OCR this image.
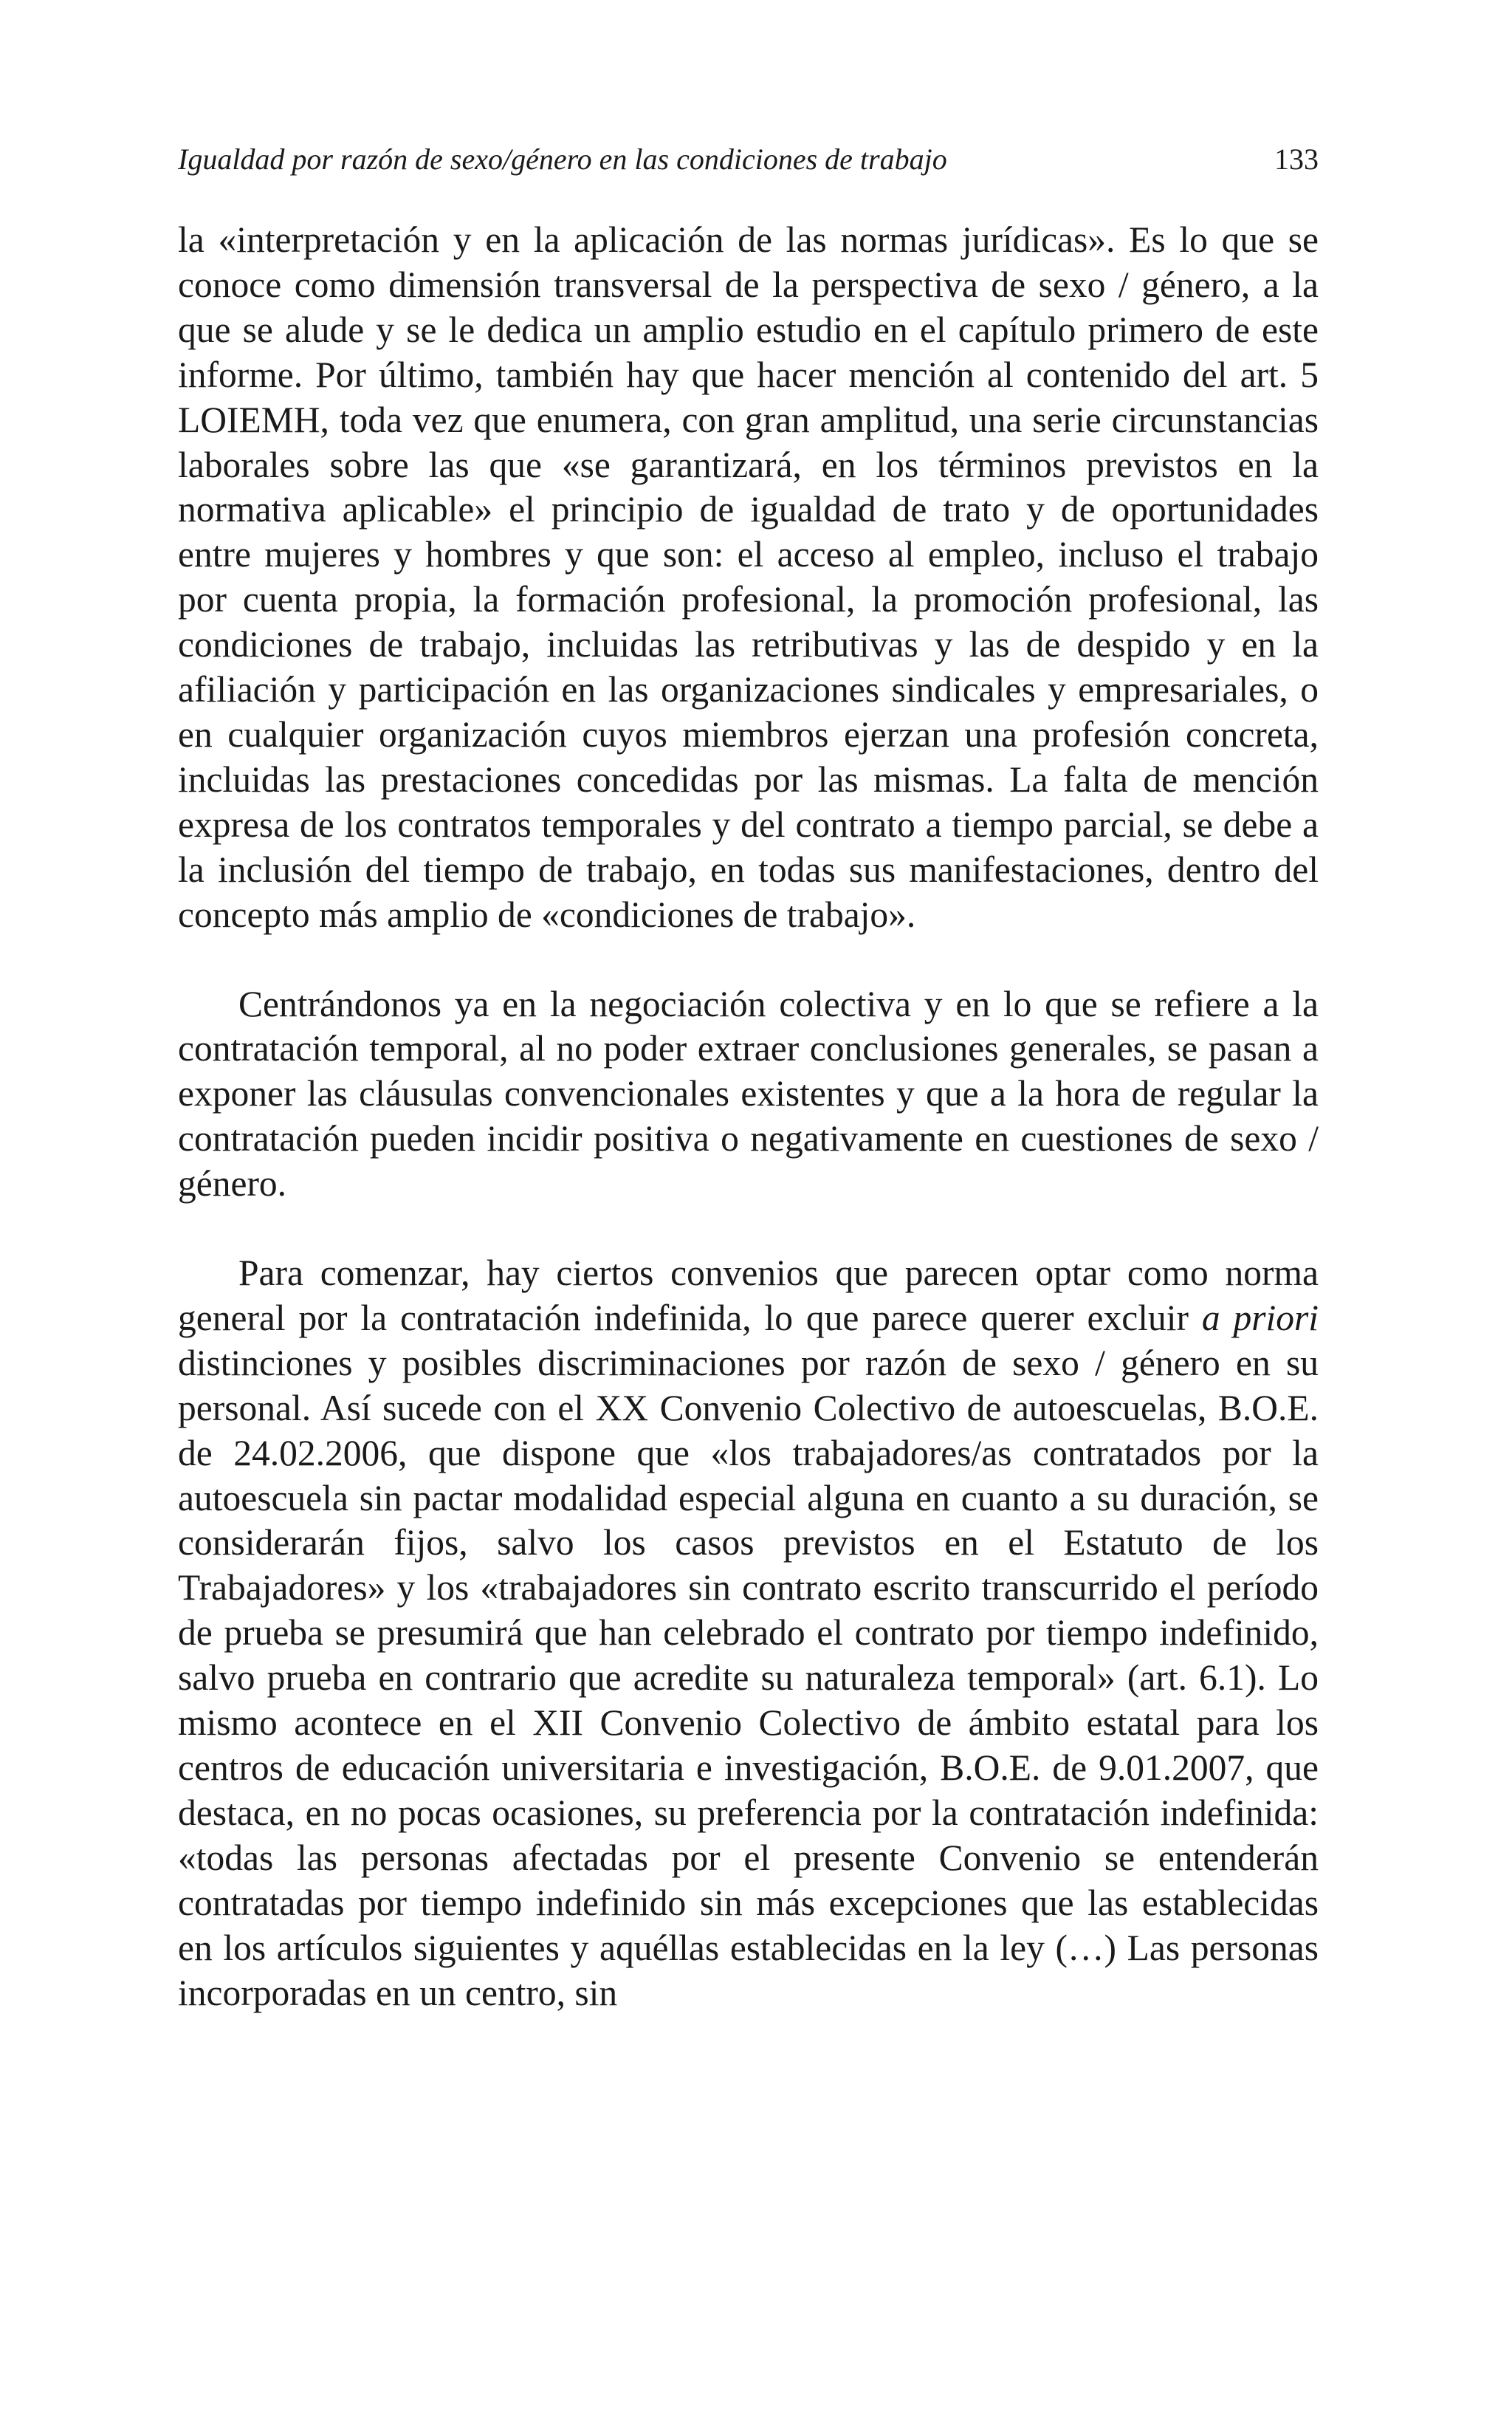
Igualdad por razón de sexo/género en las condiciones de trabajo	133

la «interpretación y en la aplicación de las normas jurídicas». Es lo que se conoce como dimensión transversal de la perspectiva de sexo / género, a la que se alude y se le dedica un amplio estudio en el capítulo primero de este informe. Por último, también hay que hacer mención al contenido del art. 5 LOIEMH, toda vez que enumera, con gran amplitud, una serie circunstancias laborales sobre las que «se garantizará, en los términos previstos en la normativa aplicable» el principio de igualdad de trato y de oportunidades entre mujeres y hombres y que son: el acceso al empleo, incluso el trabajo por cuenta propia, la formación profesional, la promoción profesional, las condiciones de trabajo, incluidas las retributivas y las de despido y en la afiliación y participación en las organizaciones sindicales y empresariales, o en cualquier organización cuyos miembros ejerzan una profesión concreta, incluidas las prestaciones concedidas por las mismas. La falta de mención expresa de los contratos temporales y del contrato a tiempo parcial, se debe a la inclusión del tiempo de trabajo, en todas sus manifestaciones, dentro del concepto más amplio de «condiciones de trabajo».

Centrándonos ya en la negociación colectiva y en lo que se refiere a la contratación temporal, al no poder extraer conclusiones generales, se pasan a exponer las cláusulas convencionales existentes y que a la hora de regular la contratación pueden incidir positiva o negativamente en cuestiones de sexo / género.

Para comenzar, hay ciertos convenios que parecen optar como norma general por la contratación indefinida, lo que parece querer excluir a priori distinciones y posibles discriminaciones por razón de sexo / género en su personal. Así sucede con el XX Convenio Colectivo de autoescuelas, B.O.E. de 24.02.2006, que dispone que «los trabajadores/as contratados por la autoescuela sin pactar modalidad especial alguna en cuanto a su duración, se considerarán fijos, salvo los casos previstos en el Estatuto de los Trabajadores» y los «trabajadores sin contrato escrito transcurrido el período de prueba se presumirá que han celebrado el contrato por tiempo indefinido, salvo prueba en contrario que acredite su naturaleza temporal» (art. 6.1). Lo mismo acontece en el XII Convenio Colectivo de ámbito estatal para los centros de educación universitaria e investigación, B.O.E. de 9.01.2007, que destaca, en no pocas ocasiones, su preferencia por la contratación indefinida: «todas las personas afectadas por el presente Convenio se entenderán contratadas por tiempo indefinido sin más excepciones que las establecidas en los artículos siguientes y aquéllas establecidas en la ley (…) Las personas incorporadas en un centro, sin
